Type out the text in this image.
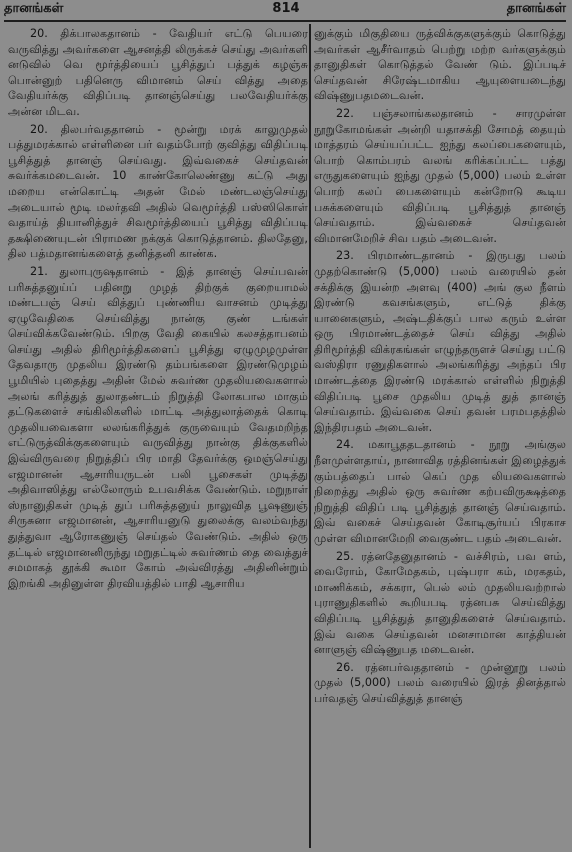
தானங்கள்	814	தானங்கள்

20. திக்பாலகதானம் - வேதியர் எட்டு பெயரை வருவித்து அவர்களை ஆசனத்தி லிருக்கச் செய்து அவர்களி னடுவில் வெ மூர்த்தியைப் பூசித்துப் பத்துக் கழஞ்சு பொன்னுற் பதினெரு விமானம் செய் வித்து அதை வேதியர்க்கு விதிப்படி தானஞ்செய்து பலவேதியர்க்கு அன்ன மிடவ.

20. திலபர்வததானம் - மூன்று மரக் காலுமுதல் பத்துமரக்கால் எள்ளினை பர் வதம்போற் குவித்து விதிப்படி பூசித்துத் தானஞ் செய்வது. இவ்வகைச் செய்தவன் சுவர்க்கமடைவன். 10 காண்கோலெண்ணு கட்டு அது மறைய என்கொட்டி அதன் மேல் மண்டலஞ்செய்து அடையால் மூடி மலர்தவி அதில் வெமூர்த்தி பஸ்ஸிகொள் வதாய்த் தியானித்துச் சிவமூர்த்தியைப் பூசித்து விதிப்படி தக்ஷிணையுடன் பிராமண நக்குக் கொடுத்தானம். திலதேனு, தில பத்மதானங்களைத் தனித்தனி காண்க.

21. துலாபுருஷதானம் - இத் தானஞ் செய்பவன் பரிசுத்தனுய்ப் பதினறு முழத் திற்குக் குறையாமல் மண்டபஞ் செய் வித்துப் புண்ணிய வாசனம் முடித்து ஏழுவேதிகை செய்வித்து நான்கு குண் டங்கள் செய்விக்கவேண்டும். பிறகு வேதி கையில் கலசத்தாபனம் செய்து அதில் திரிமூர்த்திகளைப் பூசித்து ஏழுமுழமுள்ள தேவதாரு முதலிய இரண்டு தம்பங்களை இரண்டுமுழம் பூமியில் புதைத்து அதின் மேல் சுவர்ண முதலியவைகளால் அலங் கரித்துத் துலாதண்டம் நிறுத்தி லோகபால மாகும் தட்டுகளைச் சங்கிலிகளில் மாட்டி அத்துலாத்தைக் கொடி முதலியவைகளா லலங்கரித்துக் குருவையும் வேதமறிந்த எட்டுருத்விக்குகளையும் வருவித்து நான்கு திக்குகளில் இவ்விருவரை நிறுத்திப் பிர மாதி தேவர்க்கு ஒமஞ்செய்து எஜமானன் ஆசாரியருடன் பலி பூசைகள் முடித்து அதிவாஸித்து எல்லோரும் உபவசிக்க வேண்டும். மறுநாள் ஸ்நானுதிகள் முடித் துப் பரிசுத்தனுய் நாலுவித பூஷணுஞ் சிருசுனா எஜமானன், ஆசாரியனுடு துலைக்கு வலம்வந்து துத்துவா ஆரோகணுஞ் செய்தல் வேண்டும். அதில் ஒரு தட்டில் எஜமானனிருந்து மறுதட்டில் சுவர்ணம் தை வைத்துச் சமமாகத் தூக்கி கூமா கோம் அவ்விரத்து அதினின்றும் இறங்கி அதினுள்ள திரவியத்தில் பாதி ஆசாரிய

னுக்கும் மிகுதியை ருத்விக்குகளுக்கும் கொடுத்து அவர்கள் ஆசீர்வாதம் பெற்று மற்ற வர்களுக்கும் தானுதிகள் கொடுத்தல் வேண் டும். இப்படிச் செய்தவன் சிரேஷ்டமாகிய ஆயுளையடைந்து விஷ்ணுபதமடைவன்.

22. பஞ்சலாங்கலதானம் - சாரமுள்ள நூறுகோமங்கள் அன்றி யதாசக்தி சோமத் தையும் மாத்தரம் செய்யப்பட்ட ஐந்து கலப்பைகளையும், பொற் கொம்பரம் வலங் கரிக்கப்பட்ட பத்து எருதுகளையும் ஐந்து முதல் (5,000) பலம் உள்ள பொற் கலப் பைகளையும் கன்றோடு கூடிய பசுக்களையும் விதிப்படி பூசித்துத் தானஞ் செய்வதாம். இவ்வகைச் செய்தவன் விமானமேறிச் சிவ பதம் அடைவன்.

23. பிரமாண்டதானம் - இருபது பலம் முதற்கொண்டு (5,000) பலம் வரையில் தன் சக்திக்கு இயன்ற அளவு (400) அங் குல நீளம் இரண்டு கவசங்களும், எட்டுத் திக்கு யானைகளும், அஷ்டதிக்குப் பால கரும் உள்ள ஒரு பிரமாண்டத்தைச் செய் வித்து அதில் திரிமூர்த்தி விக்ரகங்கள் எழுந்தருளச் செய்து பட்டு வஸ்திரா ரணுதிகளால் அலங்கரித்து அந்தப் பிர மாண்டத்தை இரண்டு மரக்கால் எள்ளில் நிறுத்தி விதிப்படி பூசை முதலிய முடித் துத் தானஞ் செய்வதாம். இவ்வகை செய் தவன் பரமபதத்தில் இந்திரபதம் அடைவன்.

24. மகாபூததடதானம் - நூறு அங்குல நீளமுள்ளதாய், நானாவித ரத்தினங்கள் இழைத்துக் கும்பத்தைப் பால் கெப் முத லியவைகளால் நிறைத்து அதில் ஒரு சுவர்ண கற்பவிருக்ஷத்தை நிறுத்தி விதிப் படி பூசித்துத் தானஞ் செய்வதாம். இவ் வகைச் செய்தவன் கோடிசூர்யப் பிரகாச முள்ள விமானமேறி வைகுண்ட பதம் அடைவன்.

25. ரத்னதேனுதானம் - வச்சிரம், பவ ளம், வைரோம், கோமேதகம், புஷ்பரா கம், மரகதம், மாணிக்கம், சக்கரா, பெல் லம் முதலியவற்றால் புராணுதிகளில் கூறியபடி ரத்னபசு செய்வித்து விதிப்படி பூசித்துத் தானுதிகளைச் செய்வதாம். இவ் வகை செய்தவன் மனசாமான காத்தியன் னாளுஞ் விஷ்ணுபத மடைவன்.

26. ரத்னபர்வததானம் - முன்னூறு பலம் முதல் (5,000) பலம் வரையில் இரத் தினத்தால் பர்வதஞ் செய்வித்துத் தானஞ்
